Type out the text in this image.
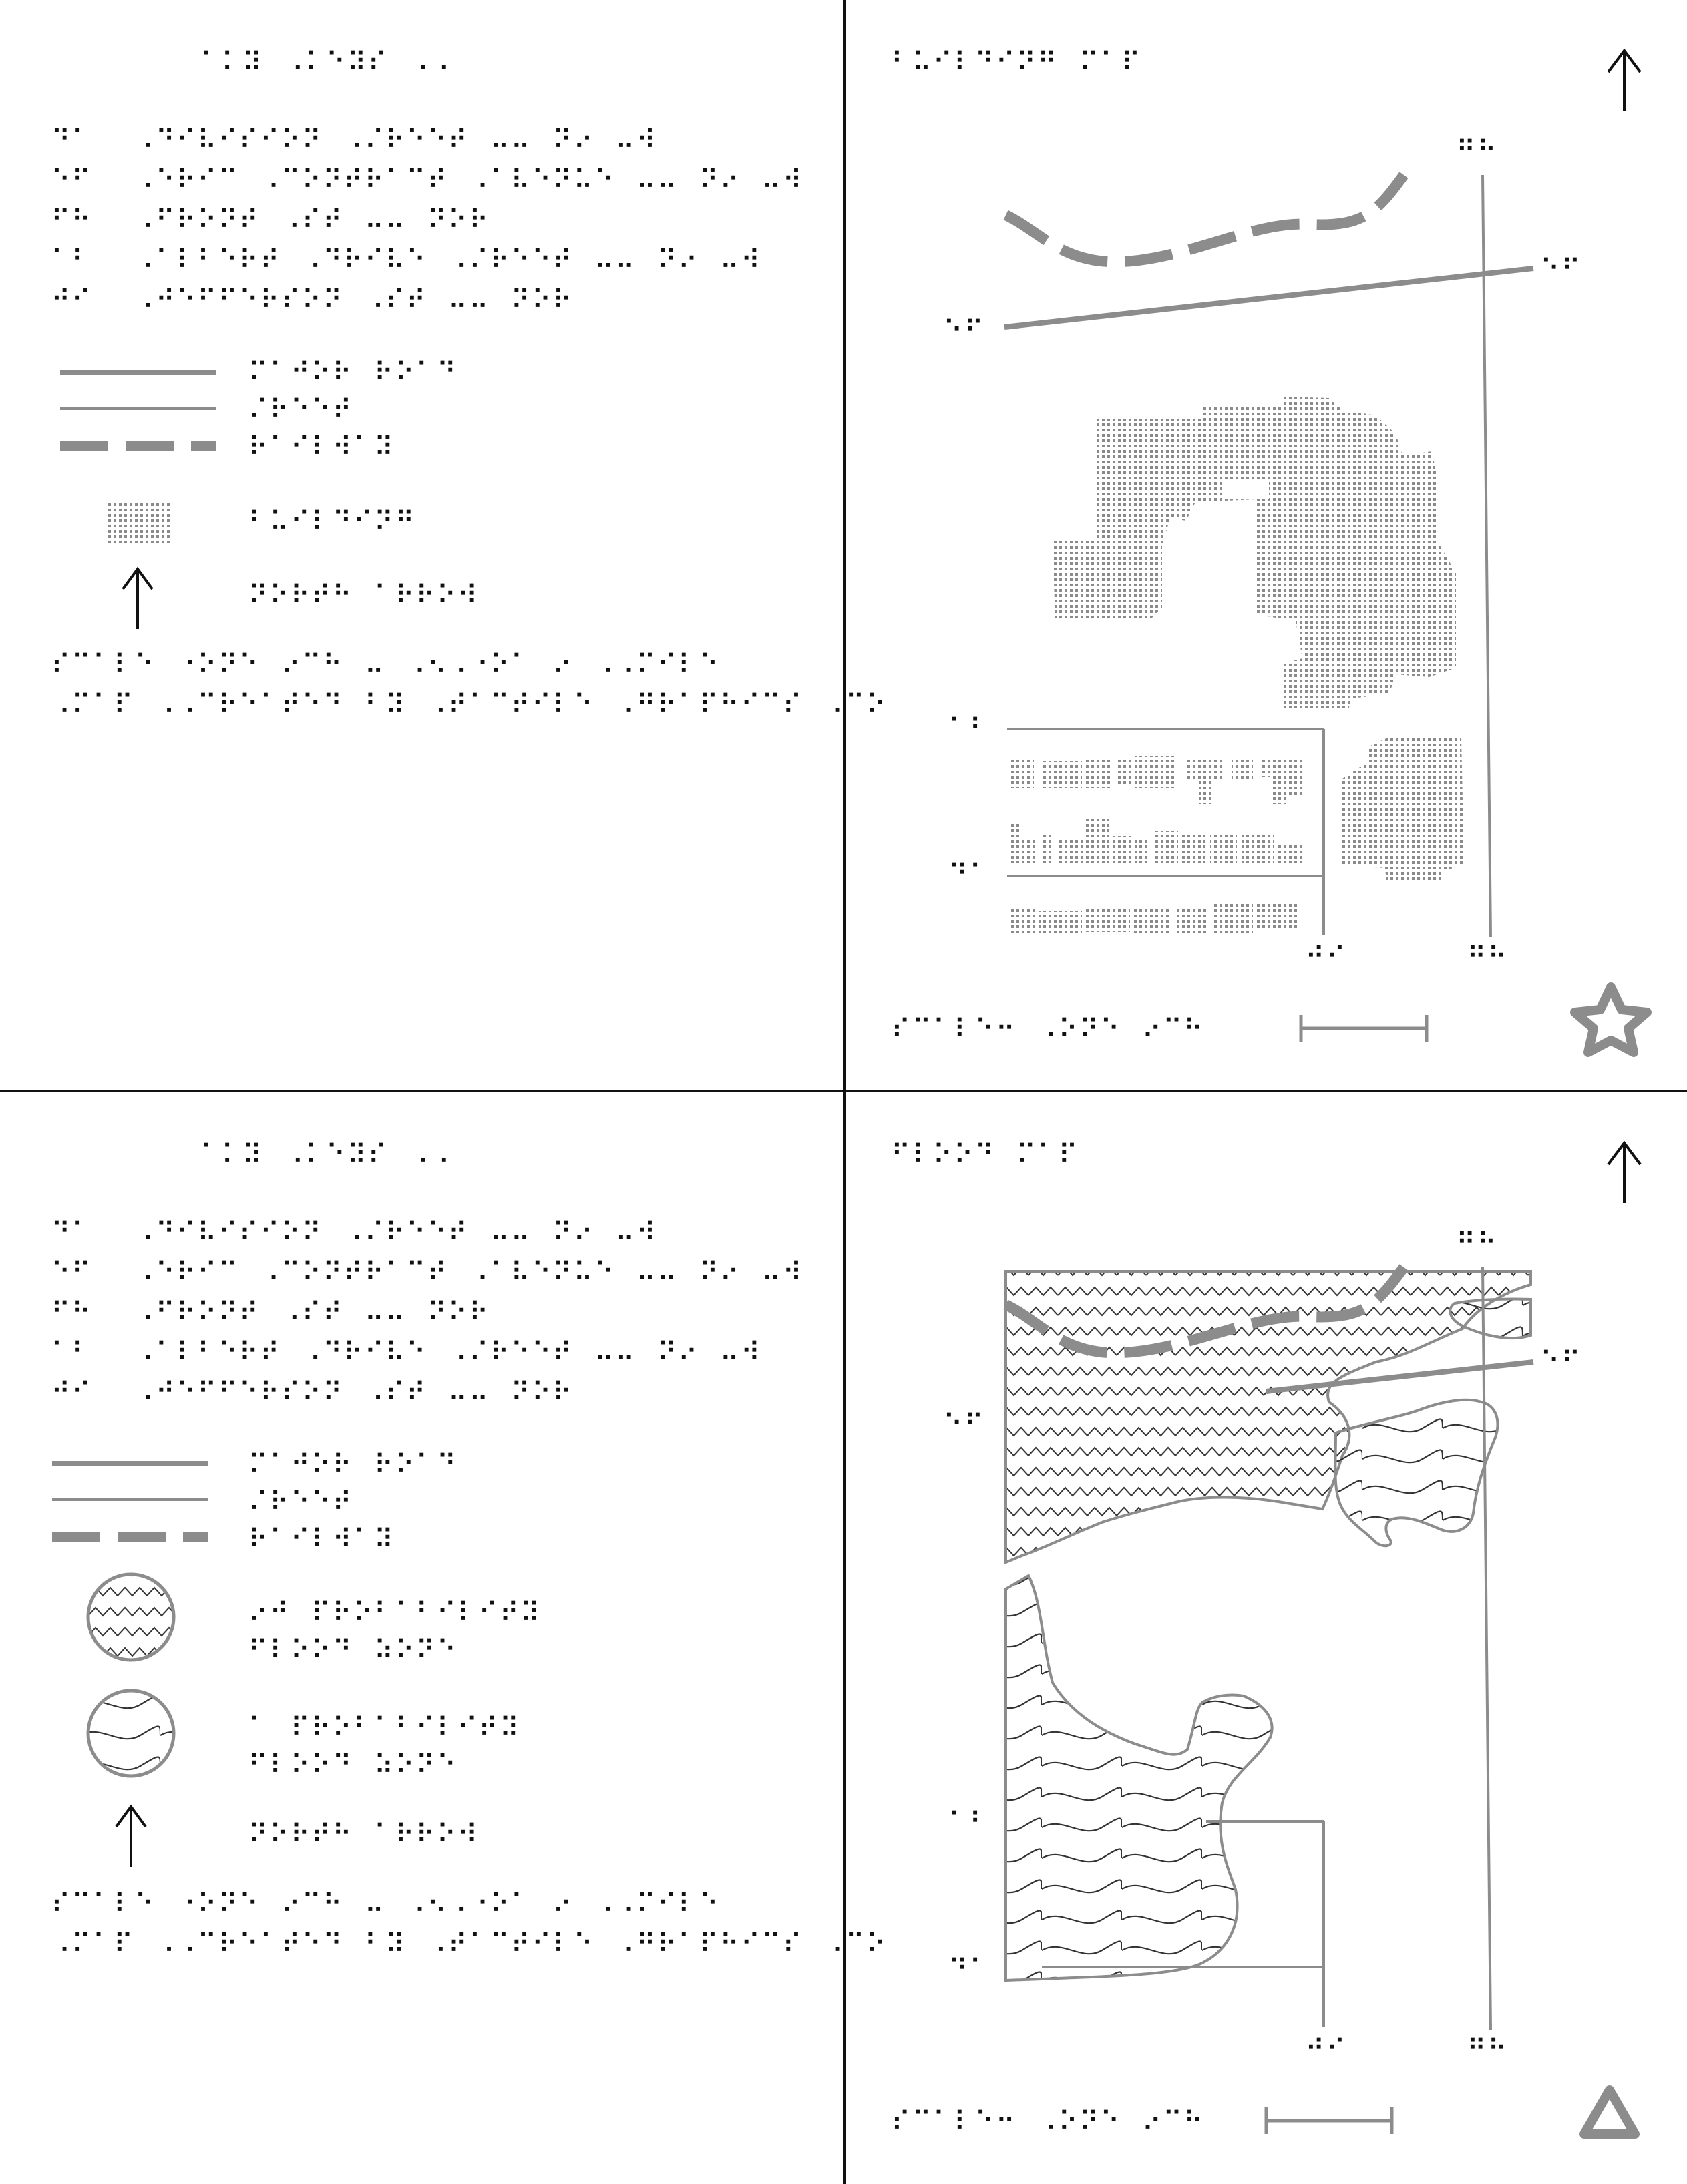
⠁⠅⠽⠀⠠⠅⠑⠽⠎⠀⠠⠠
⠙⠁⠀⠀⠠⠙⠊⠧⠊⠎⠊⠕⠝⠀⠠⠌⠗⠑⠑⠞⠀⠤⠤⠀⠝⠔⠀⠤⠺
⠑⠋⠀⠀⠠⠑⠗⠊⠉⠀⠠⠉⠕⠝⠞⠗⠁⠉⠞⠀⠠⠁⠧⠑⠝⠥⠑⠀⠤⠤⠀⠝⠔⠀⠤⠺
⠋⠓⠀⠀⠠⠋⠗⠕⠝⠞⠀⠠⠎⠞⠀⠤⠤⠀⠝⠕⠗
⠁⠃⠀⠀⠠⠁⠇⠃⠑⠗⠞⠀⠠⠙⠗⠊⠧⠑⠀⠠⠌⠗⠑⠑⠞⠀⠤⠤⠀⠝⠔⠀⠤⠺
⠚⠊⠀⠀⠠⠚⠑⠋⠋⠑⠗⠎⠕⠝⠀⠠⠎⠞⠀⠤⠤⠀⠝⠕⠗
⠍⠁⠚⠕⠗⠀⠗⠕⠁⠙
⠌⠗⠑⠑⠞
⠗⠁⠊⠇⠺⠁⠽
⠃⠥⠊⠇⠙⠊⠝⠛
⠝⠕⠗⠞⠓⠀⠁⠗⠗⠕⠺
⠎⠉⠁⠇⠑⠀⠐⠕⠝⠑⠀⠔⠉⠓⠀⠤⠀⠠⠢⠠⠐⠕⠁⠀⠔⠀⠠⠠⠍⠊⠇⠑
⠠⠍⠁⠏⠀⠠⠠⠉⠗⠑⠁⠞⠑⠙⠀⠃⠽⠀⠠⠞⠁⠉⠞⠊⠇⠑⠀⠠⠛⠗⠁⠏⠓⠊⠉⠎⠀⠠⠉⠕
⠃⠥⠊⠇⠙⠊⠝⠛⠀⠍⠁⠏
⠛⠓
⠑⠋
⠑⠋
⠁⠃
⠙⠁
⠚⠊	⠛⠓
⠎⠉⠁⠇⠑⠒⠀⠠⠕⠝⠑⠀⠔⠉⠓
⠁⠅⠽⠀⠠⠅⠑⠽⠎⠀⠠⠠
⠙⠁⠀⠀⠠⠙⠊⠧⠊⠎⠊⠕⠝⠀⠠⠌⠗⠑⠑⠞⠀⠤⠤⠀⠝⠔⠀⠤⠺
⠑⠋⠀⠀⠠⠑⠗⠊⠉⠀⠠⠉⠕⠝⠞⠗⠁⠉⠞⠀⠠⠁⠧⠑⠝⠥⠑⠀⠤⠤⠀⠝⠔⠀⠤⠺
⠋⠓⠀⠀⠠⠋⠗⠕⠝⠞⠀⠠⠎⠞⠀⠤⠤⠀⠝⠕⠗
⠁⠃⠀⠀⠠⠁⠇⠃⠑⠗⠞⠀⠠⠙⠗⠊⠧⠑⠀⠠⠌⠗⠑⠑⠞⠀⠤⠤⠀⠝⠔⠀⠤⠺
⠚⠊⠀⠀⠠⠚⠑⠋⠋⠑⠗⠎⠕⠝⠀⠠⠎⠞⠀⠤⠤⠀⠝⠕⠗
⠍⠁⠚⠕⠗⠀⠗⠕⠁⠙
⠌⠗⠑⠑⠞
⠗⠁⠊⠇⠺⠁⠽
⠔⠚⠀⠏⠗⠕⠃⠁⠃⠊⠇⠊⠞⠽
⠋⠇⠕⠕⠙⠀⠵⠕⠝⠑
⠁⠀⠏⠗⠕⠃⠁⠃⠊⠇⠊⠞⠽
⠋⠇⠕⠕⠙⠀⠵⠕⠝⠑
⠝⠕⠗⠞⠓⠀⠁⠗⠗⠕⠺
⠎⠉⠁⠇⠑⠀⠐⠕⠝⠑⠀⠔⠉⠓⠀⠤⠀⠠⠢⠠⠐⠕⠁⠀⠔⠀⠠⠠⠍⠊⠇⠑
⠠⠍⠁⠏⠀⠠⠠⠉⠗⠑⠁⠞⠑⠙⠀⠃⠽⠀⠠⠞⠁⠉⠞⠊⠇⠑⠀⠠⠛⠗⠁⠏⠓⠊⠉⠎⠀⠠⠉⠕
⠋⠇⠕⠕⠙⠀⠍⠁⠏
⠛⠓
⠑⠋
⠑⠋
⠁⠃
⠙⠁
⠚⠊	⠛⠓
⠎⠉⠁⠇⠑⠒⠀⠠⠕⠝⠑⠀⠔⠉⠓
